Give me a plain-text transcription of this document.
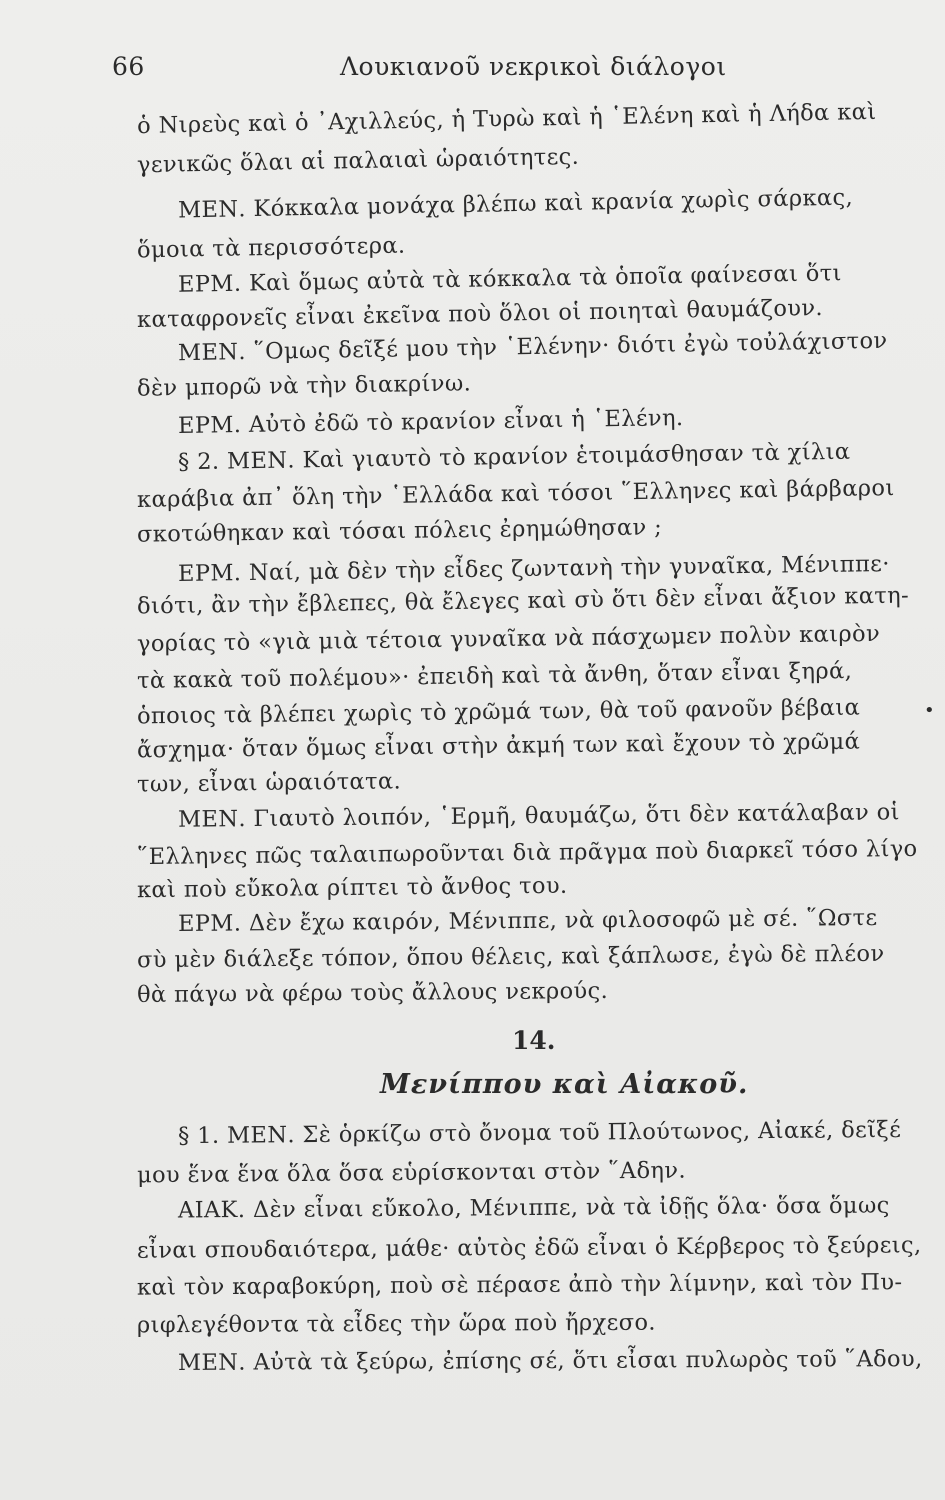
66	Λουκιανοῦ νεκρικοὶ διάλογοι
ὁ Νιρεὺς καὶ ὁ ᾿Αχιλλεύς, ἡ Τυρὼ καὶ ἡ ῾Ελένη καὶ ἡ Λήδα καὶ
γενικῶς ὅλαι αἱ παλαιαὶ ὡραιότητες.
ΜΕΝ. Κόκκαλα μονάχα βλέπω καὶ κρανία χωρὶς σάρκας,
ὅμοια τὰ περισσότερα.
ΕΡΜ. Καὶ ὅμως αὐτὰ τὰ κόκκαλα τὰ ὁποῖα φαίνεσαι ὅτι
καταφρονεῖς εἶναι ἐκεῖνα ποὺ ὅλοι οἱ ποιηταὶ θαυμάζουν.
ΜΕΝ. ῞Ομως δεῖξέ μου τὴν ῾Ελένην· διότι ἐγὼ τοὐλάχιστον
δὲν μπορῶ νὰ τὴν διακρίνω.
ΕΡΜ. Αὐτὸ ἐδῶ τὸ κρανίον εἶναι ἡ ῾Ελένη.
§ 2. ΜΕΝ. Καὶ γιαυτὸ τὸ κρανίον ἑτοιμάσθησαν τὰ χίλια
καράβια ἀπ᾿ ὅλη τὴν ῾Ελλάδα καὶ τόσοι ῞Ελληνες καὶ βάρβαροι
σκοτώθηκαν καὶ τόσαι πόλεις ἐρημώθησαν ;
ΕΡΜ. Ναί, μὰ δὲν τὴν εἶδες ζωντανὴ τὴν γυναῖκα, Μένιππε·
διότι, ἂν τὴν ἔβλεπες, θὰ ἔλεγες καὶ σὺ ὅτι δὲν εἶναι ἄξιον κατη-
γορίας τὸ «γιὰ μιὰ τέτοια γυναῖκα νὰ πάσχωμεν πολὺν καιρὸν
τὰ κακὰ τοῦ πολέμου»· ἐπειδὴ καὶ τὰ ἄνθη, ὅταν εἶναι ξηρά,
ὁποιος τὰ βλέπει χωρὶς τὸ χρῶμά των, θὰ τοῦ φανοῦν βέβαια
ἄσχημα· ὅταν ὅμως εἶναι στὴν ἀκμή των καὶ ἔχουν τὸ χρῶμά
των, εἶναι ὡραιότατα.
ΜΕΝ. Γιαυτὸ λοιπόν, ῾Ερμῆ, θαυμάζω, ὅτι δὲν κατάλαβαν οἱ
῞Ελληνες πῶς ταλαιπωροῦνται διὰ πρᾶγμα ποὺ διαρκεῖ τόσο λίγο
καὶ ποὺ εὔκολα ρίπτει τὸ ἄνθος του.
ΕΡΜ. Δὲν ἔχω καιρόν, Μένιππε, νὰ φιλοσοφῶ μὲ σέ. ῞Ωστε
σὺ μὲν διάλεξε τόπον, ὅπου θέλεις, καὶ ξάπλωσε, ἐγὼ δὲ πλέον
θὰ πάγω νὰ φέρω τοὺς ἄλλους νεκρούς.
•
14.
Μενίππου καὶ Αἰακοῦ.
§ 1. ΜΕΝ. Σὲ ὁρκίζω στὸ ὄνομα τοῦ Πλούτωνος, Αἰακέ, δεῖξέ
μου ἕνα ἕνα ὅλα ὅσα εὑρίσκονται στὸν ῞Αδην.
ΑΙΑΚ. Δὲν εἶναι εὔκολο, Μένιππε, νὰ τὰ ἰδῇς ὅλα· ὅσα ὅμως
εἶναι σπουδαιότερα, μάθε· αὐτὸς ἐδῶ εἶναι ὁ Κέρβερος τὸ ξεύρεις,
καὶ τὸν καραβοκύρη, ποὺ σὲ πέρασε ἀπὸ τὴν λίμνην, καὶ τὸν Πυ-
ριφλεγέθοντα τὰ εἶδες τὴν ὥρα ποὺ ἤρχεσο.
ΜΕΝ. Αὐτὰ τὰ ξεύρω, ἐπίσης σέ, ὅτι εἶσαι πυλωρὸς τοῦ ῞Αδου,
